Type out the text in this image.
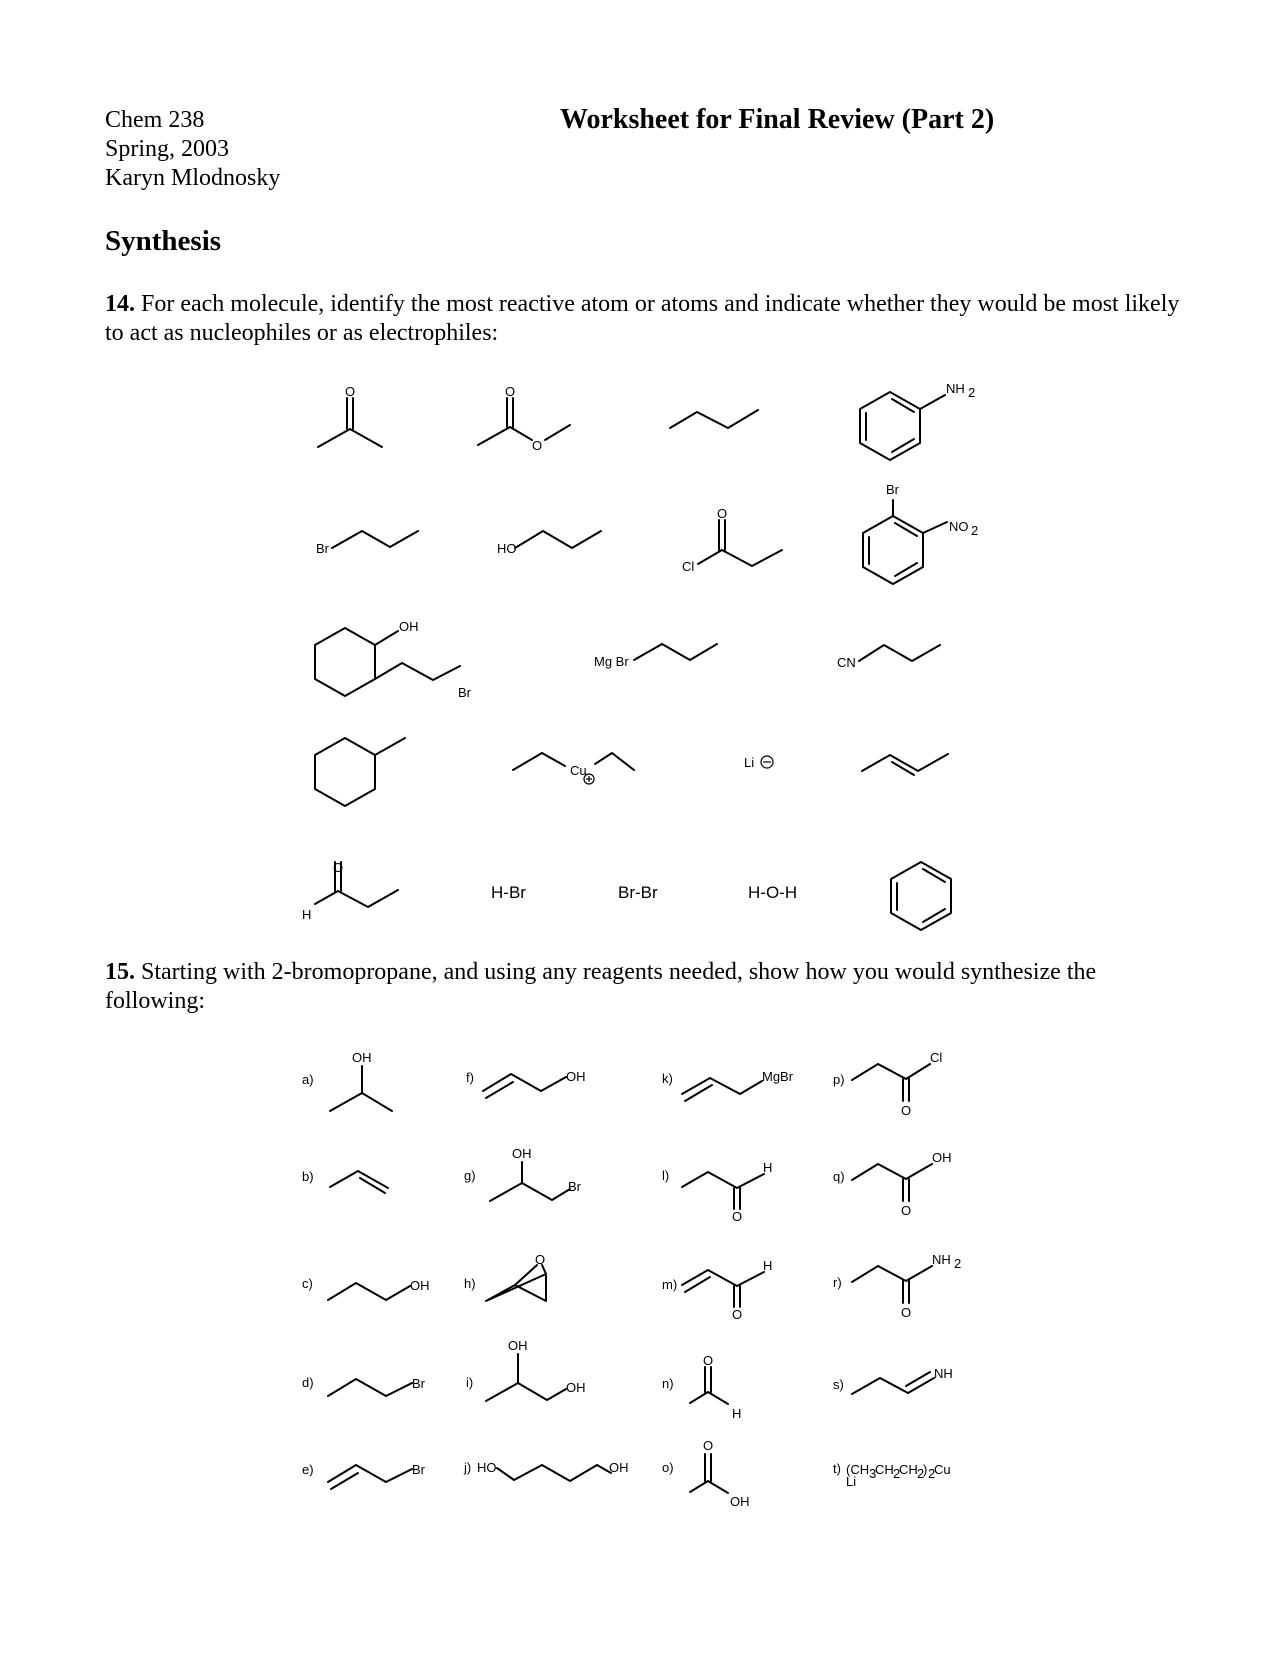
Chem 238
Spring, 2003
Karyn Mlodnosky
Worksheet for Final Review (Part 2)
Synthesis
14. For each molecule, identify the most reactive atom or atoms and indicate whether they would be most likely to act as nucleophiles or as electrophiles:
15. Starting with 2-bromopropane, and using any reagents needed, show how you would synthesize the following:
O	O
O
NH 2
Br	HO
O
Cl
Br
NO 2
OH
Br
Mg Br	CN
Cu
Li
O
H
H-Br	Br-Br	H-O-H
a)
b)
c)
d)
e)
f)
g)
h)
i)
j)
k)
l)
m)
n)
o)
p)
q)
r)
s)
t)
OH
OH
Br
Br
OH
OH
Br
O
OH
OH
HO	OH
MgBr
O
H
O
H
O
H
O
OH
O
Cl
O
OH
O
NH 2
NH
(CH 3
CH 2
CH 2
) 2
Cu
Li
